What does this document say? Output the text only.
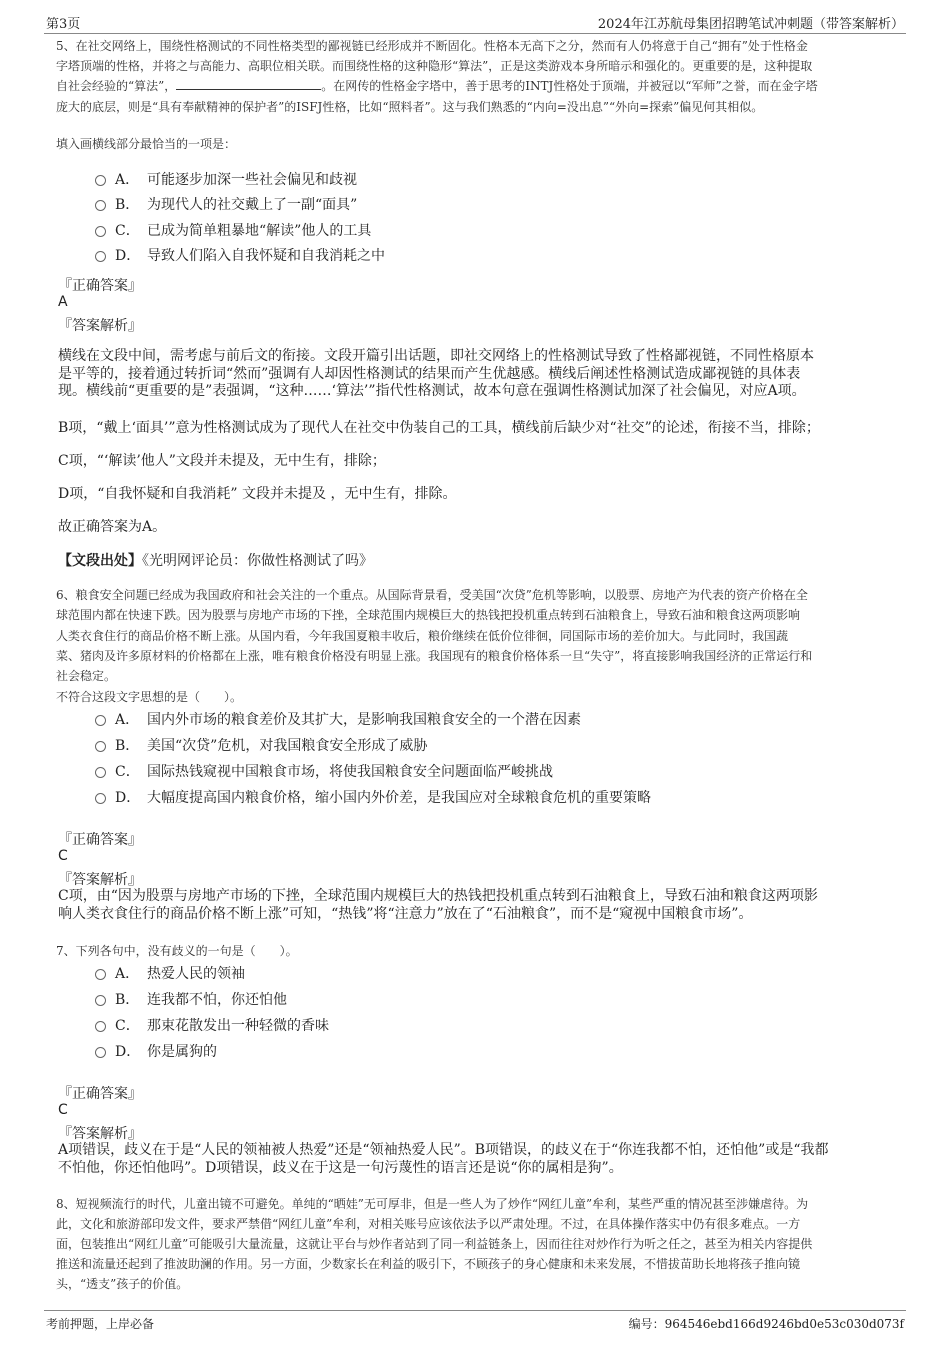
第3页	2024年江苏航母集团招聘笔试冲刺题（带答案解析）
5、在社交网络上，围绕性格测试的不同性格类型的鄙视链已经形成并不断固化。性格本无高下之分，然而有人仍将意于自己“拥有”处于性格金
字塔顶端的性格，并将之与高能力、高职位相关联。而围绕性格的这种隐形“算法”，正是这类游戏本身所暗示和强化的。更重要的是，这种提取
自社会经验的“算法”，	。在网传的性格金字塔中，善于思考的INTJ性格处于顶端，并被冠以“军师”之誉，而在金字塔
庞大的底层，则是“具有奉献精神的保护者”的ISFJ性格，比如“照料者”。这与我们熟悉的“内向=没出息”“外向=探索”偏见何其相似。
填入画横线部分最恰当的一项是：
A． 可能逐步加深一些社会偏见和歧视
B． 为现代人的社交戴上了一副“面具”
C． 已成为简单粗暴地“解读”他人的工具
D． 导致人们陷入自我怀疑和自我消耗之中
『正确答案』
A
『答案解析』
横线在文段中间，需考虑与前后文的衔接。文段开篇引出话题，即社交网络上的性格测试导致了性格鄙视链，不同性格原本
是平等的，接着通过转折词“然而”强调有人却因性格测试的结果而产生优越感。横线后阐述性格测试造成鄙视链的具体表
现。横线前“更重要的是”表强调，“这种……‘算法’”指代性格测试，故本句意在强调性格测试加深了社会偏见，对应A项。
B项，“戴上‘面具’”意为性格测试成为了现代人在社交中伪装自己的工具，横线前后缺少对“社交”的论述，衔接不当，排除；
C项，“‘解读’他人”文段并未提及，无中生有，排除；
D项，“自我怀疑和自我消耗” 文段并未提及 ，无中生有，排除。
故正确答案为A。
【文段出处】《光明网评论员：你做性格测试了吗》
6、粮食安全问题已经成为我国政府和社会关注的一个重点。从国际背景看，受美国“次贷”危机等影响，以股票、房地产为代表的资产价格在全
球范围内都在快速下跌。因为股票与房地产市场的下挫，全球范围内规模巨大的热钱把投机重点转到石油粮食上，导致石油和粮食这两项影响
人类衣食住行的商品价格不断上涨。从国内看，今年我国夏粮丰收后，粮价继续在低价位徘徊，同国际市场的差价加大。与此同时，我国蔬
菜、猪肉及许多原材料的价格都在上涨，唯有粮食价格没有明显上涨。我国现有的粮食价格体系一旦“失守”，将直接影响我国经济的正常运行和
社会稳定。
不符合这段文字思想的是（　　）。
A． 国内外市场的粮食差价及其扩大，是影响我国粮食安全的一个潜在因素
B． 美国“次贷”危机，对我国粮食安全形成了威胁
C． 国际热钱窥视中国粮食市场，将使我国粮食安全问题面临严峻挑战
D． 大幅度提高国内粮食价格，缩小国内外价差，是我国应对全球粮食危机的重要策略
『正确答案』
C
『答案解析』
C项，由“因为股票与房地产市场的下挫，全球范围内规模巨大的热钱把投机重点转到石油粮食上，导致石油和粮食这两项影
响人类衣食住行的商品价格不断上涨”可知，“热钱”将“注意力”放在了“石油粮食”，而不是“窥视中国粮食市场”。
7、下列各句中，没有歧义的一句是（　　）。
A． 热爱人民的领袖
B． 连我都不怕，你还怕他
C． 那束花散发出一种轻微的香味
D． 你是属狗的
『正确答案』
C
『答案解析』
A项错误，歧义在于是“人民的领袖被人热爱”还是“领袖热爱人民”。B项错误，的歧义在于“你连我都不怕，还怕他”或是“我都
不怕他，你还怕他吗”。D项错误，歧义在于这是一句污蔑性的语言还是说“你的属相是狗”。
8、短视频流行的时代，儿童出镜不可避免。单纯的“晒娃”无可厚非，但是一些人为了炒作“网红儿童”牟利，某些严重的情况甚至涉嫌虐待。为
此，文化和旅游部印发文件，要求严禁借“网红儿童”牟利，对相关账号应该依法予以严肃处理。不过，在具体操作落实中仍有很多难点。一方
面，包装推出“网红儿童”可能吸引大量流量，这就让平台与炒作者站到了同一利益链条上，因而往往对炒作行为听之任之，甚至为相关内容提供
推送和流量还起到了推波助澜的作用。另一方面，少数家长在利益的吸引下，不顾孩子的身心健康和未来发展，不惜拔苗助长地将孩子推向镜
头，“透支”孩子的价值。
考前押题，上岸必备	编号：964546ebd166d9246bd0e53c030d073f
